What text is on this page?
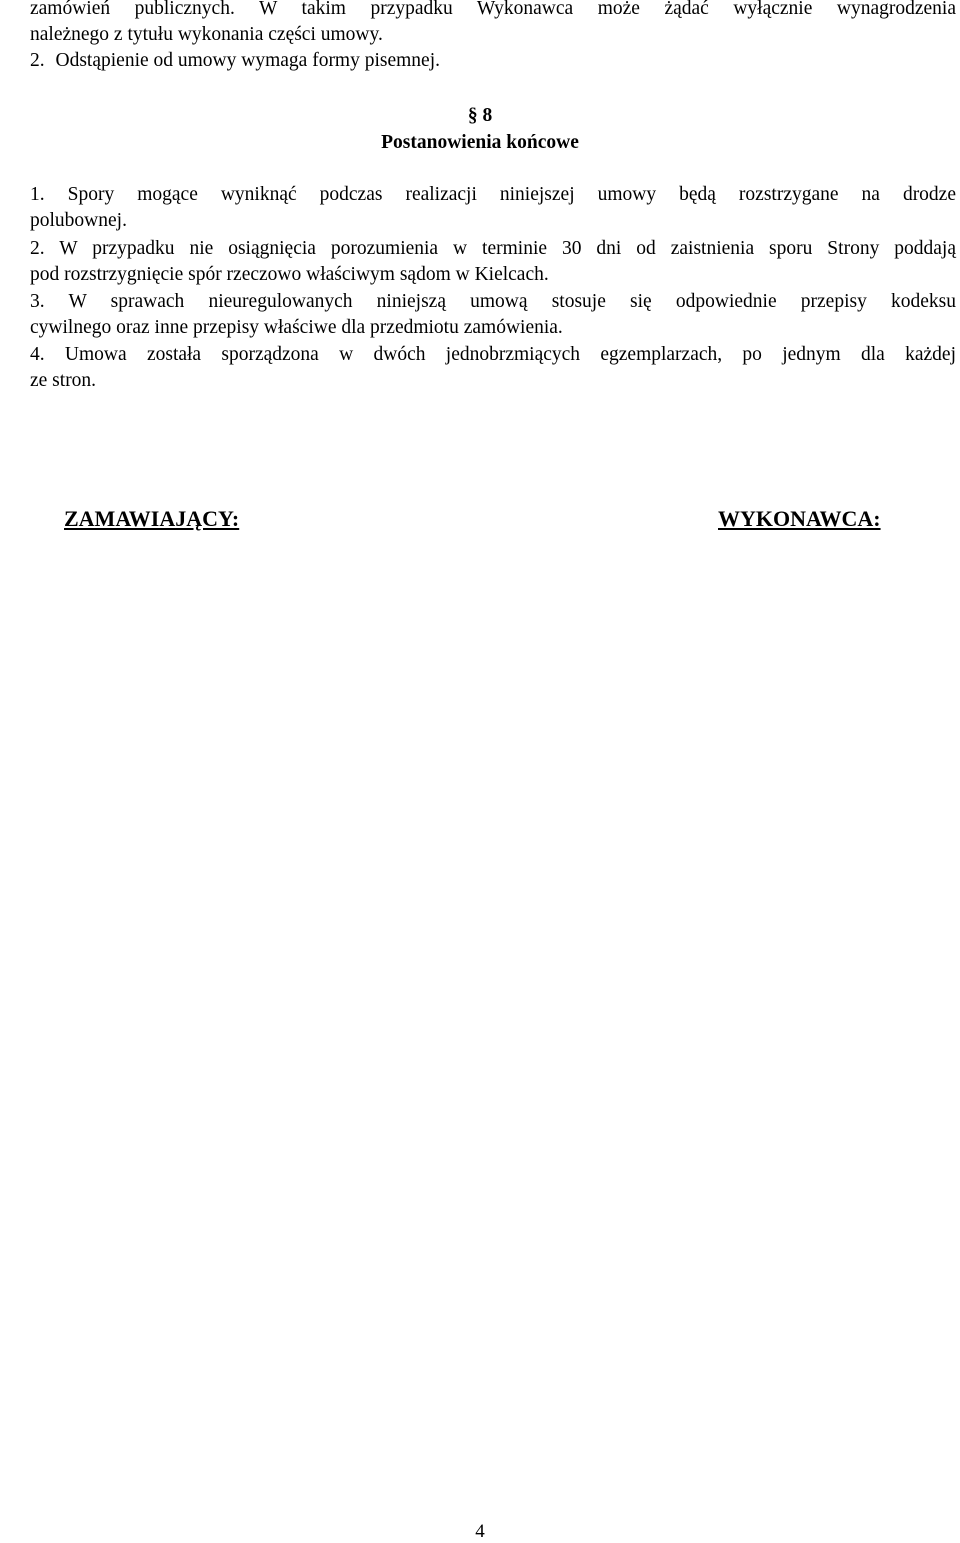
zamówień publicznych. W takim przypadku Wykonawca może żądać wyłącznie wynagrodzenia
należnego z tytułu wykonania części umowy.
2. Odstąpienie od umowy wymaga formy pisemnej.
1. Spory mogące wyniknąć podczas realizacji niniejszej umowy będą rozstrzygane na drodze
polubownej.
2. W przypadku nie osiągnięcia porozumienia w terminie 30 dni od zaistnienia sporu Strony poddają
pod rozstrzygnięcie spór rzeczowo właściwym sądom w Kielcach.
3. W sprawach nieuregulowanych niniejszą umową stosuje się odpowiednie przepisy kodeksu
cywilnego oraz inne przepisy właściwe dla przedmiotu zamówienia.
4. Umowa została sporządzona w dwóch jednobrzmiących egzemplarzach, po jednym dla każdej
ze stron.
§ 8
Postanowienia końcowe
ZAMAWIAJĄCY:	WYKONAWCA:
4
